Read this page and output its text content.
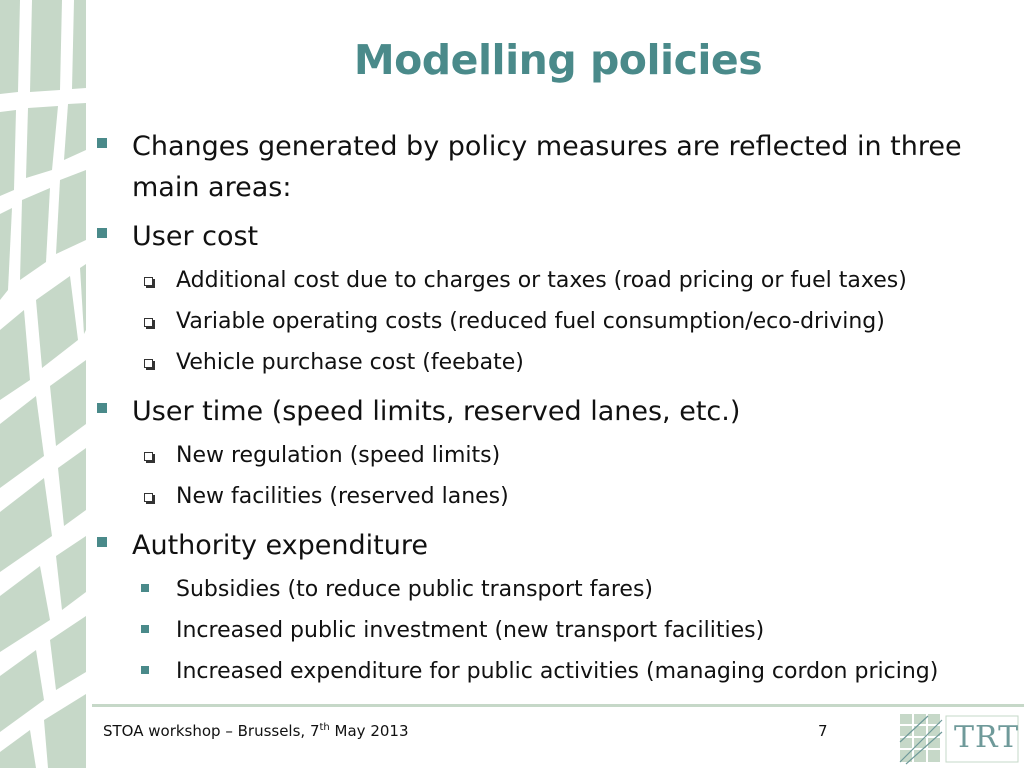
Modelling policies
Changes generated by policy measures are reflected in three main areas:
User cost
Additional cost due to charges or taxes (road pricing or fuel taxes)
Variable operating costs (reduced fuel consumption/eco-driving)
Vehicle purchase cost (feebate)
User time (speed limits, reserved lanes, etc.)
New regulation (speed limits)
New facilities (reserved lanes)
Authority expenditure
Subsidies (to reduce public transport fares)
Increased public investment (new transport facilities)
Increased expenditure for public activities (managing cordon pricing)
STOA workshop – Brussels, 7th May 2013	7	TRT
